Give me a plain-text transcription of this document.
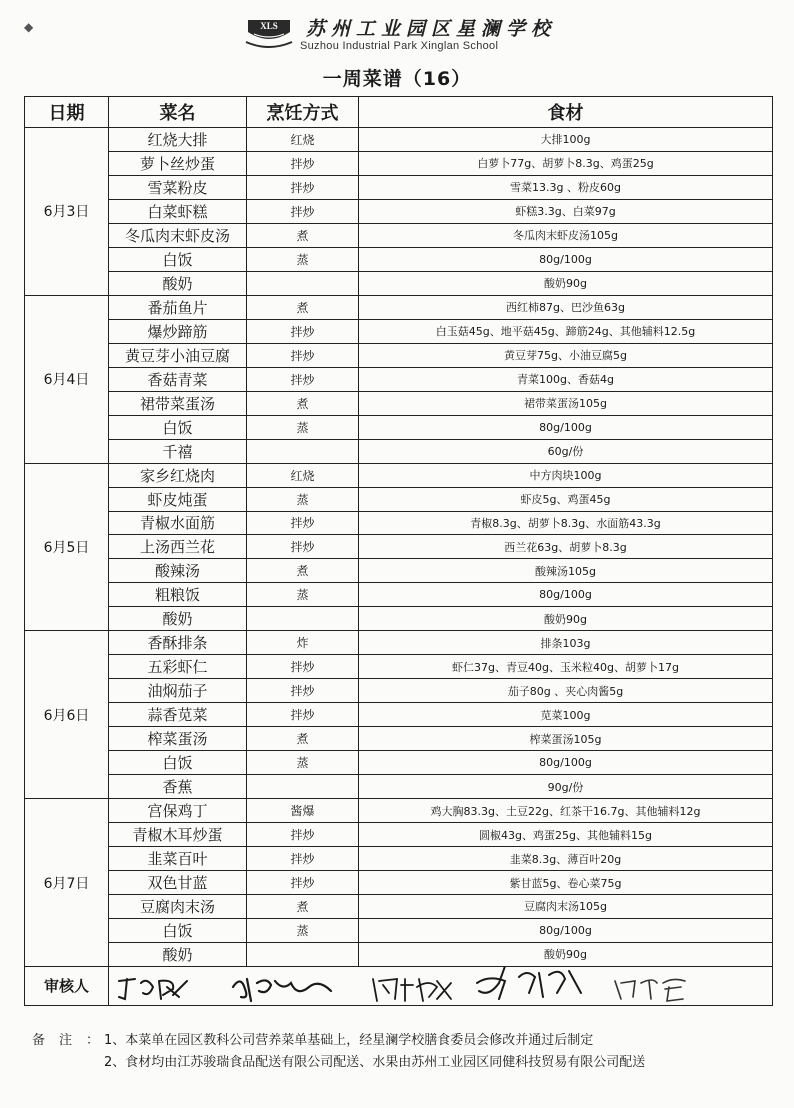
◆	XLS 苏州工业园区星澜学校
Suzhou Industrial Park Xinglan School
一周菜谱（16）
日期	菜名	烹饪方式	食材
6月3日	红烧大排	红烧	大排100g
	萝卜丝炒蛋	拌炒	白萝卜77g、胡萝卜8.3g、鸡蛋25g
	雪菜粉皮	拌炒	雪菜13.3g 、粉皮60g
	白菜虾糕	拌炒	虾糕3.3g、白菜97g
	冬瓜肉末虾皮汤	煮	冬瓜肉末虾皮汤105g
	白饭	蒸	80g/100g
	酸奶		酸奶90g
6月4日	番茄鱼片	煮	西红柿87g、巴沙鱼63g
	爆炒蹄筋	拌炒	白玉菇45g、地平菇45g、蹄筋24g、其他辅料12.5g
	黄豆芽小油豆腐	拌炒	黄豆芽75g、小油豆腐5g
	香菇青菜	拌炒	青菜100g、香菇4g
	裙带菜蛋汤	煮	裙带菜蛋汤105g
	白饭	蒸	80g/100g
	千禧		60g/份
6月5日	家乡红烧肉	红烧	中方肉块100g
	虾皮炖蛋	蒸	虾皮5g、鸡蛋45g
	青椒水面筋	拌炒	青椒8.3g、胡萝卜8.3g、水面筋43.3g
	上汤西兰花	拌炒	西兰花63g、胡萝卜8.3g
	酸辣汤	煮	酸辣汤105g
	粗粮饭	蒸	80g/100g
	酸奶		酸奶90g
6月6日	香酥排条	炸	排条103g
	五彩虾仁	拌炒	虾仁37g、青豆40g、玉米粒40g、胡萝卜17g
	油焖茄子	拌炒	茄子80g 、夹心肉酱5g
	蒜香苋菜	拌炒	苋菜100g
	榨菜蛋汤	煮	榨菜蛋汤105g
	白饭	蒸	80g/100g
	香蕉		90g/份
6月7日	宫保鸡丁	酱爆	鸡大胸83.3g、土豆22g、红茶干16.7g、其他辅料12g
	青椒木耳炒蛋	拌炒	圆椒43g、鸡蛋25g、其他辅料15g
	韭菜百叶	拌炒	韭菜8.3g、薄百叶20g
	双色甘蓝	拌炒	紫甘蓝5g、卷心菜75g
	豆腐肉末汤	煮	豆腐肉末汤105g
	白饭	蒸	80g/100g
	酸奶		酸奶90g
审核人	
备注：
1、本菜单在园区教科公司营养菜单基础上，经星澜学校膳食委员会修改并通过后制定
2、食材均由江苏骏瑞食品配送有限公司配送、水果由苏州工业园区同健科技贸易有限公司配送
